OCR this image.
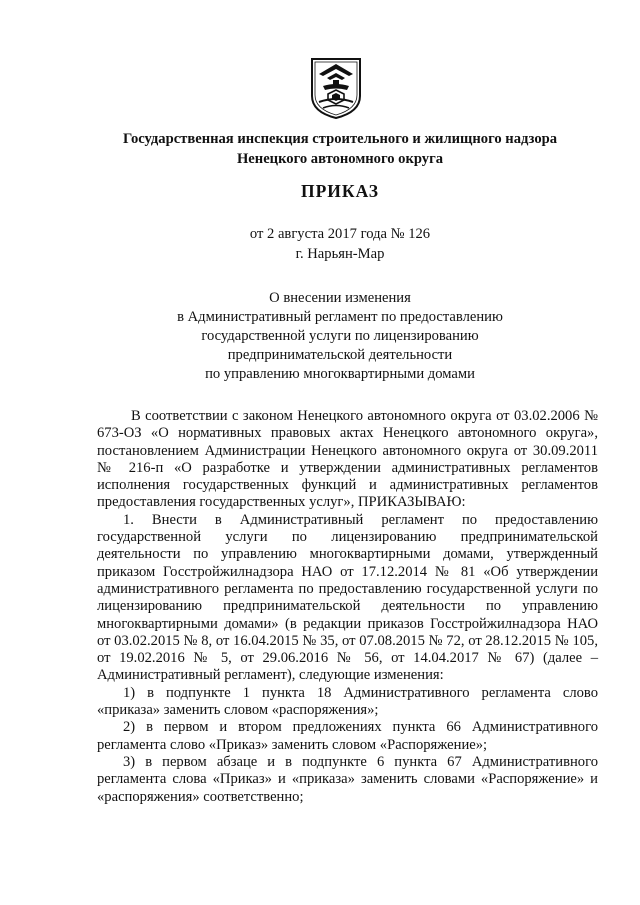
Государственная инспекция строительного и жилищного надзора
Ненецкого автономного округа
ПРИКАЗ
от 2 августа 2017 года № 126
г. Нарьян-Мар
О внесении изменения
в Административный регламент по предоставлению
государственной услуги по лицензированию
предпринимательской деятельности
по управлению многоквартирными домами

В соответствии с законом Ненецкого автономного округа от 03.02.2006 № 673-ОЗ «О нормативных правовых актах Ненецкого автономного округа», постановлением Администрации Ненецкого автономного округа от 30.09.2011 № 216-п «О разработке и утверждении административных регламентов исполнения государственных функций и административных регламентов предоставления государственных услуг», ПРИКАЗЫВАЮ:

1. Внести в Административный регламент по предоставлению государственной услуги по лицензированию предпринимательской деятельности по управлению многоквартирными домами, утвержденный приказом Госстройжилнадзора НАО от 17.12.2014 № 81 «Об утверждении административного регламента по предоставлению государственной услуги по лицензированию предпринимательской деятельности по управлению многоквартирными домами» (в редакции приказов Госстройжилнадзора НАО от 03.02.2015 № 8, от 16.04.2015 № 35, от 07.08.2015 № 72, от 28.12.2015 № 105, от 19.02.2016 № 5, от 29.06.2016 № 56, от 14.04.2017 № 67) (далее – Административный регламент), следующие изменения:

1) в подпункте 1 пункта 18 Административного регламента слово «приказа» заменить словом «распоряжения»;

2) в первом и втором предложениях пункта 66 Административного регламента слово «Приказ» заменить словом «Распоряжение»;

3) в первом абзаце и в подпункте 6 пункта 67 Административного регламента слова «Приказ» и «приказа» заменить словами «Распоряжение» и «распоряжения» соответственно;
